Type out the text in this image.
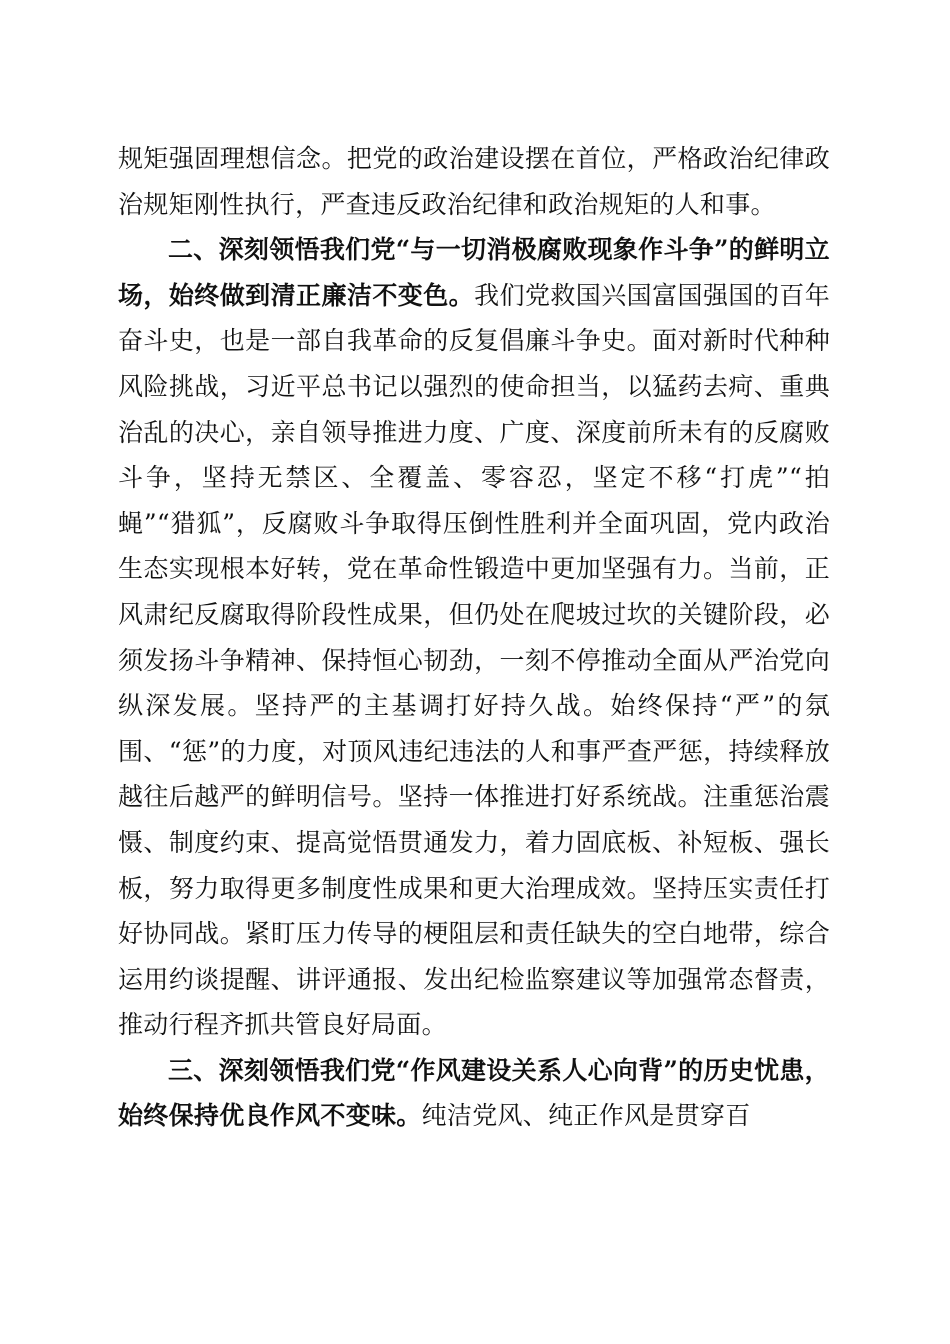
规矩强固理想信念。把党的政治建设摆在首位，严格政治纪律政治规矩刚性执行，严查违反政治纪律和政治规矩的人和事。

二、深刻领悟我们党“与一切消极腐败现象作斗争”的鲜明立场，始终做到清正廉洁不变色。我们党救国兴国富国强国的百年奋斗史，也是一部自我革命的反复倡廉斗争史。面对新时代种种风险挑战，习近平总书记以强烈的使命担当，以猛药去疴、重典治乱的决心，亲自领导推进力度、广度、深度前所未有的反腐败斗争，坚持无禁区、全覆盖、零容忍，坚定不移“打虎”“拍蝇”“猎狐”，反腐败斗争取得压倒性胜利并全面巩固，党内政治生态实现根本好转，党在革命性锻造中更加坚强有力。当前，正风肃纪反腐取得阶段性成果，但仍处在爬坡过坎的关键阶段，必须发扬斗争精神、保持恒心韧劲，一刻不停推动全面从严治党向纵深发展。坚持严的主基调打好持久战。始终保持“严”的氛围、“惩”的力度，对顶风违纪违法的人和事严查严惩，持续释放越往后越严的鲜明信号。坚持一体推进打好系统战。注重惩治震慑、制度约束、提高觉悟贯通发力，着力固底板、补短板、强长板，努力取得更多制度性成果和更大治理成效。坚持压实责任打好协同战。紧盯压力传导的梗阻层和责任缺失的空白地带，综合运用约谈提醒、讲评通报、发出纪检监察建议等加强常态督责，推动行程齐抓共管良好局面。

三、深刻领悟我们党“作风建设关系人心向背”的历史忧患，始终保持优良作风不变味。纯洁党风、纯正作风是贯穿百
